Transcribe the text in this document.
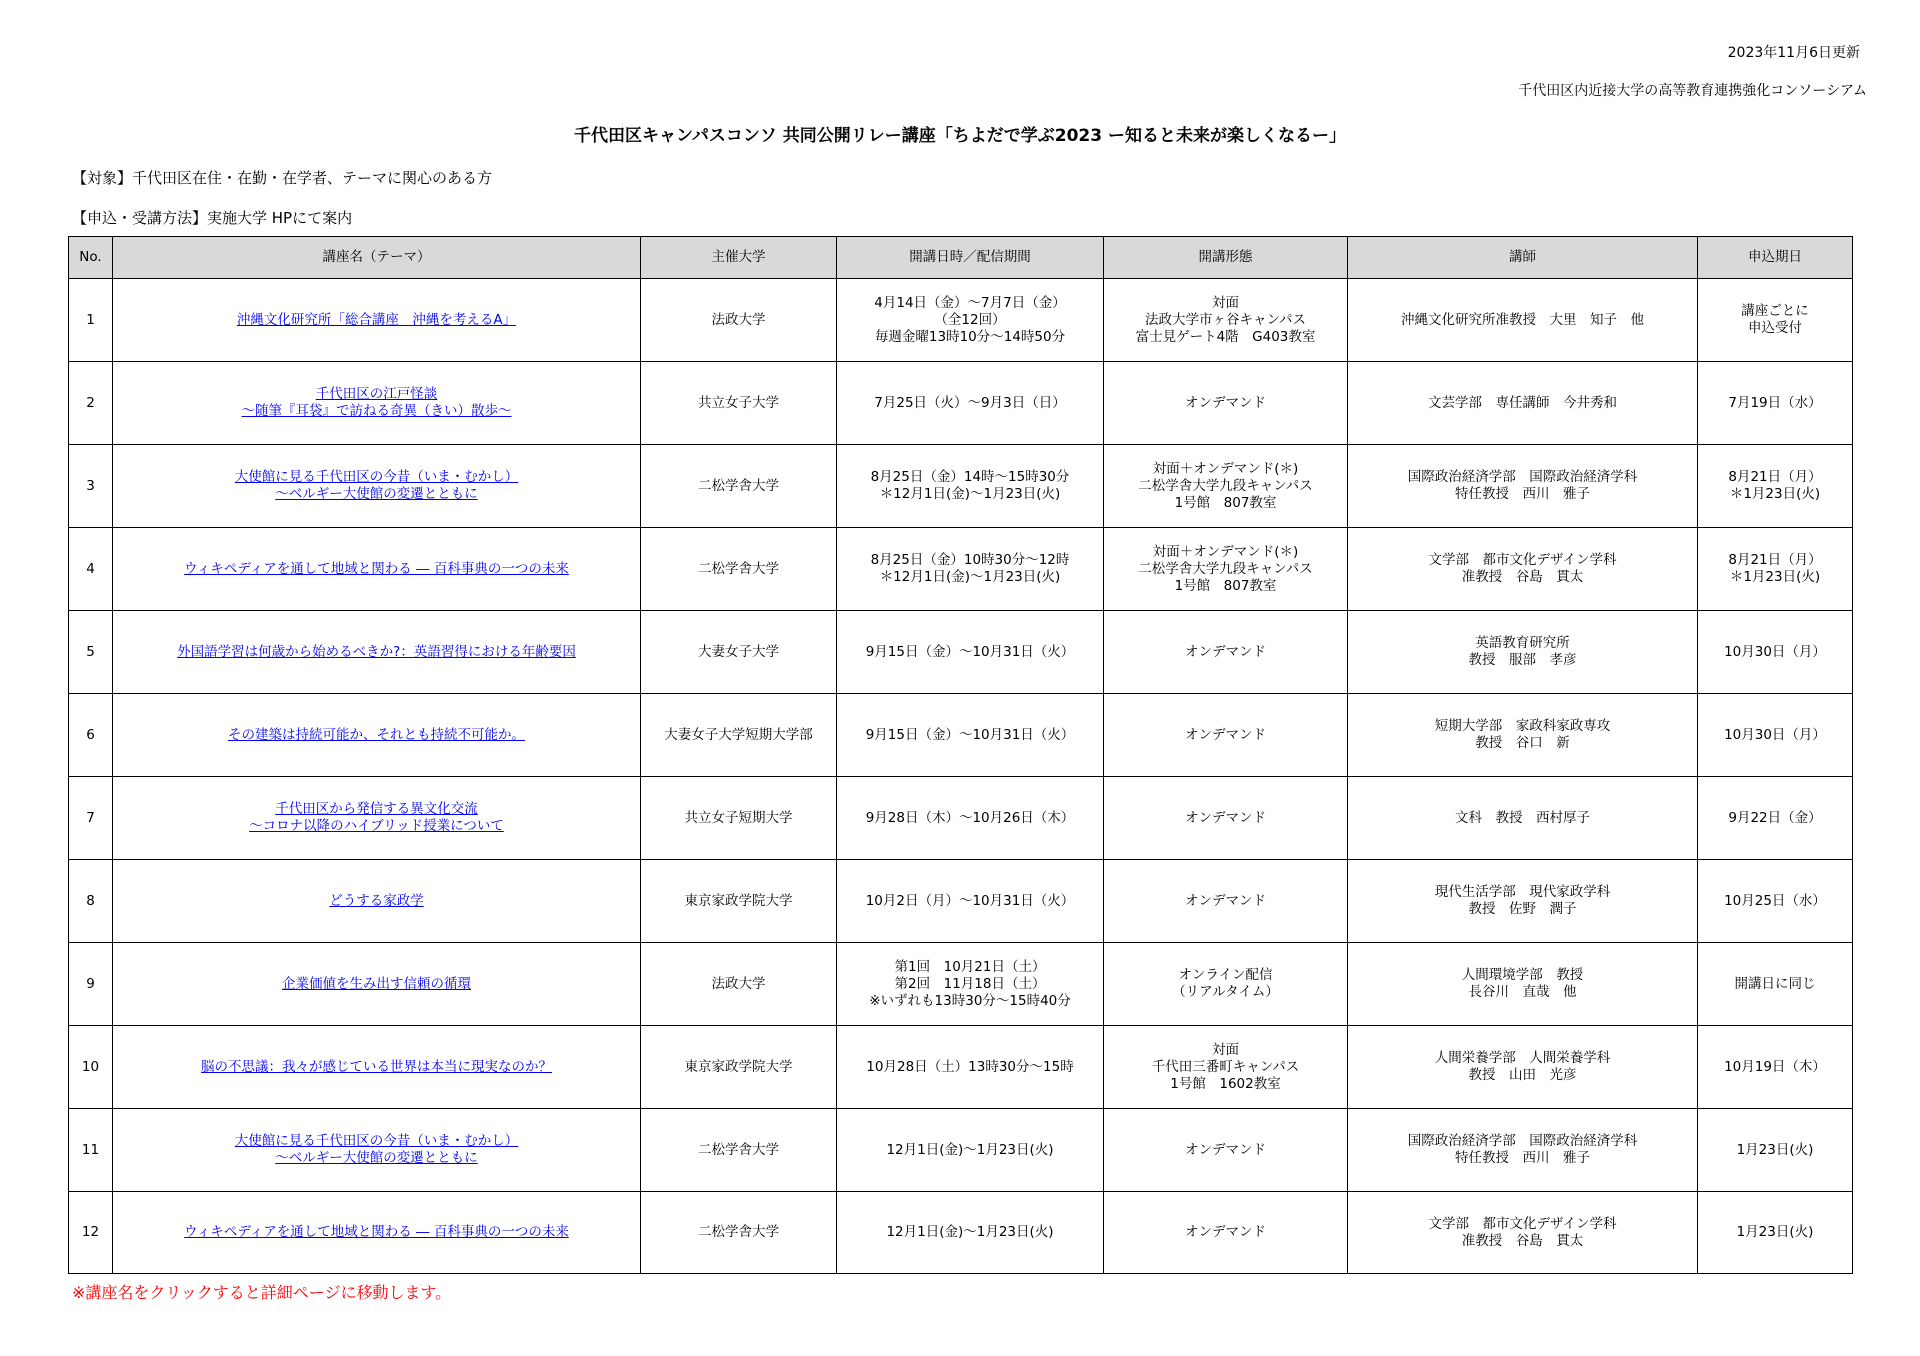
2023年11月6日更新
千代田区内近接大学の高等教育連携強化コンソーシアム
千代田区キャンパスコンソ 共同公開リレー講座「ちよだで学ぶ2023 ー知ると未来が楽しくなるー」
【対象】千代田区在住・在勤・在学者、テーマに関心のある方
【申込・受講方法】実施大学 HPにて案内
No.	講座名（テーマ）	主催大学	開講日時／配信期間	開講形態	講師	申込期日
1	沖縄文化研究所「総合講座　沖縄を考えるA」	法政大学	4月14日（金）～7月7日（金）
（全12回）
毎週金曜13時10分～14時50分	対面
法政大学市ヶ谷キャンパス
富士見ゲート4階　G403教室	沖縄文化研究所准教授　大里　知子　他	講座ごとに
申込受付
2	千代田区の江戸怪談
～随筆『耳袋』で訪ねる奇異（きい）散歩～	共立女子大学	7月25日（火）～9月3日（日）	オンデマンド	文芸学部　専任講師　今井秀和	7月19日（水）
3	大使館に見る千代田区の今昔（いま・むかし）
～ベルギー大使館の変遷とともに	二松学舎大学	8月25日（金）14時～15時30分
＊12月1日(金)～1月23日(火)	対面＋オンデマンド(＊)
二松学舎大学九段キャンパス
1号館　807教室	国際政治経済学部　国際政治経済学科
特任教授　西川　雅子	8月21日（月）
＊1月23日(火)
4	ウィキペディアを通して地域と関わる ― 百科事典の一つの未来	二松学舎大学	8月25日（金）10時30分～12時
＊12月1日(金)～1月23日(火)	対面＋オンデマンド(＊)
二松学舎大学九段キャンパス
1号館　807教室	文学部　都市文化デザイン学科
准教授　谷島　貫太	8月21日（月）
＊1月23日(火)
5	外国語学習は何歳から始めるべきか?：英語習得における年齢要因	大妻女子大学	9月15日（金）～10月31日（火）	オンデマンド	英語教育研究所
教授　服部　孝彦	10月30日（月）
6	その建築は持続可能か、それとも持続不可能か。	大妻女子大学短期大学部	9月15日（金）～10月31日（火）	オンデマンド	短期大学部　家政科家政専攻
教授　谷口　新	10月30日（月）
7	千代田区から発信する異文化交流
～コロナ以降のハイブリッド授業について	共立女子短期大学	9月28日（木）～10月26日（木）	オンデマンド	文科　教授　西村厚子	9月22日（金）
8	どうする家政学	東京家政学院大学	10月2日（月）～10月31日（火）	オンデマンド	現代生活学部　現代家政学科
教授　佐野　潤子	10月25日（水）
9	企業価値を生み出す信頼の循環	法政大学	第1回　10月21日（土）
第2回　11月18日（土）
※いずれも13時30分～15時40分	オンライン配信
（リアルタイム）	人間環境学部　教授
長谷川　直哉　他	開講日に同じ
10	脳の不思議：我々が感じている世界は本当に現実なのか？	東京家政学院大学	10月28日（土）13時30分～15時	対面
千代田三番町キャンパス
1号館　1602教室	人間栄養学部　人間栄養学科
教授　山田　光彦	10月19日（木）
11	大使館に見る千代田区の今昔（いま・むかし）
～ベルギー大使館の変遷とともに	二松学舎大学	12月1日(金)～1月23日(火)	オンデマンド	国際政治経済学部　国際政治経済学科
特任教授　西川　雅子	1月23日(火)
12	ウィキペディアを通して地域と関わる ― 百科事典の一つの未来	二松学舎大学	12月1日(金)～1月23日(火)	オンデマンド	文学部　都市文化デザイン学科
准教授　谷島　貫太	1月23日(火)
※講座名をクリックすると詳細ページに移動します。
